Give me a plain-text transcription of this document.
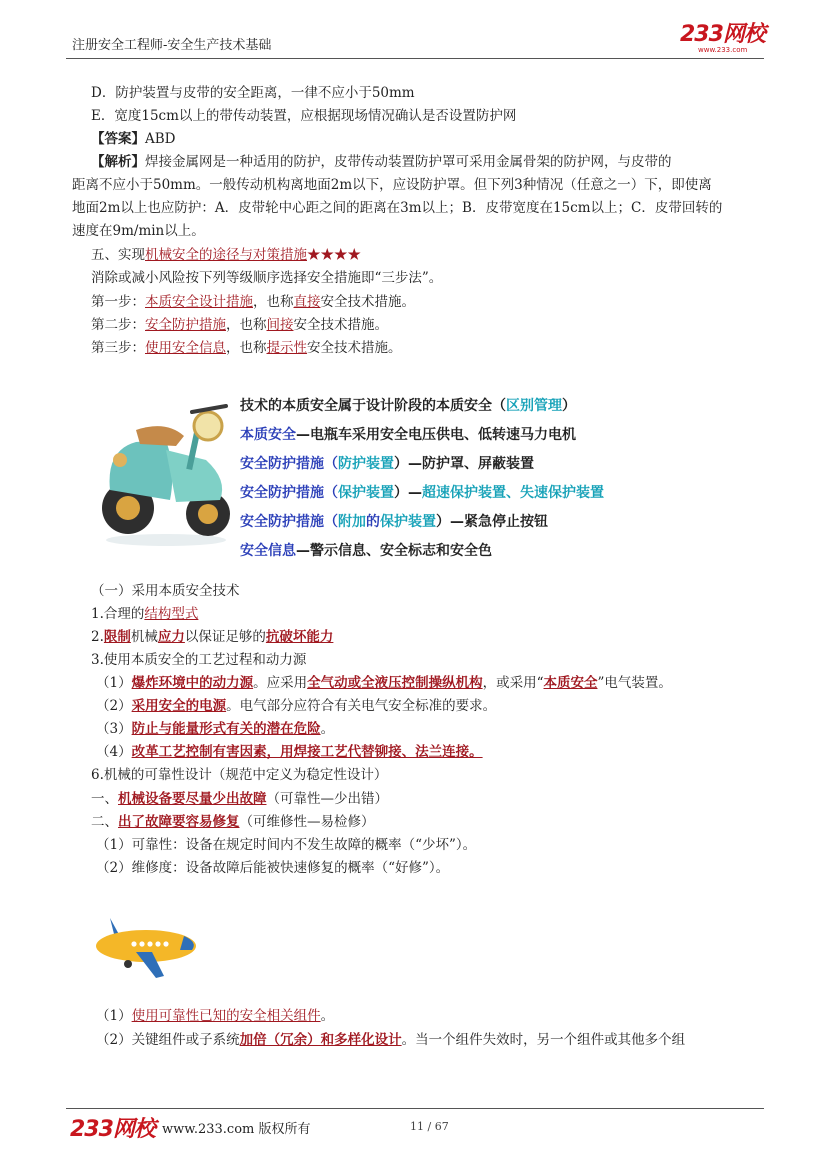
注册安全工程师-安全生产技术基础	233网校
www.233.com
D．防护装置与皮带的安全距离，一律不应小于50mm
E．宽度15cm以上的带传动装置，应根据现场情况确认是否设置防护网
【答案】ABD
【解析】焊接金属网是一种适用的防护，皮带传动装置防护罩可采用金属骨架的防护网，与皮带的
距离不应小于50mm。一般传动机构离地面2m以下，应设防护罩。但下列3种情况（任意之一）下，即使离
地面2m以上也应防护：A．皮带轮中心距之间的距离在3m以上；B．皮带宽度在15cm以上；C．皮带回转的
速度在9m/min以上。
五、实现机械安全的途径与对策措施★★★★
消除或减小风险按下列等级顺序选择安全措施即“三步法”。
第一步：本质安全设计措施，也称直接安全技术措施。
第二步：安全防护措施，也称间接安全技术措施。
第三步：使用安全信息，也称提示性安全技术措施。
技术的本质安全属于设计阶段的本质安全（区别管理）
本质安全—电瓶车采用安全电压供电、低转速马力电机
安全防护措施（防护装置）—防护罩、屏蔽装置
安全防护措施（保护装置）—超速保护装置、失速保护装置
安全防护措施（附加的保护装置）—紧急停止按钮
安全信息—警示信息、安全标志和安全色
（一）采用本质安全技术
1.合理的结构型式
2.限制机械应力以保证足够的抗破坏能力
3.使用本质安全的工艺过程和动力源
（1）爆炸环境中的动力源。应采用全气动或全液压控制操纵机构，或采用“本质安全”电气装置。
（2）采用安全的电源。电气部分应符合有关电气安全标准的要求。
（3）防止与能量形式有关的潜在危险。
（4）改革工艺控制有害因素，用焊接工艺代替铆接、法兰连接。
6.机械的可靠性设计（规范中定义为稳定性设计）
一、机械设备要尽量少出故障（可靠性—少出错）
二、出了故障要容易修复（可维修性—易检修）
（1）可靠性：设备在规定时间内不发生故障的概率（“少坏”）。
（2）维修度：设备故障后能被快速修复的概率（“好修”）。
（1）使用可靠性已知的安全相关组件。
（2）关键组件或子系统加倍（冗余）和多样化设计。当一个组件失效时，另一个组件或其他多个组
233网校 www.233.com 版权所有	11 / 67
